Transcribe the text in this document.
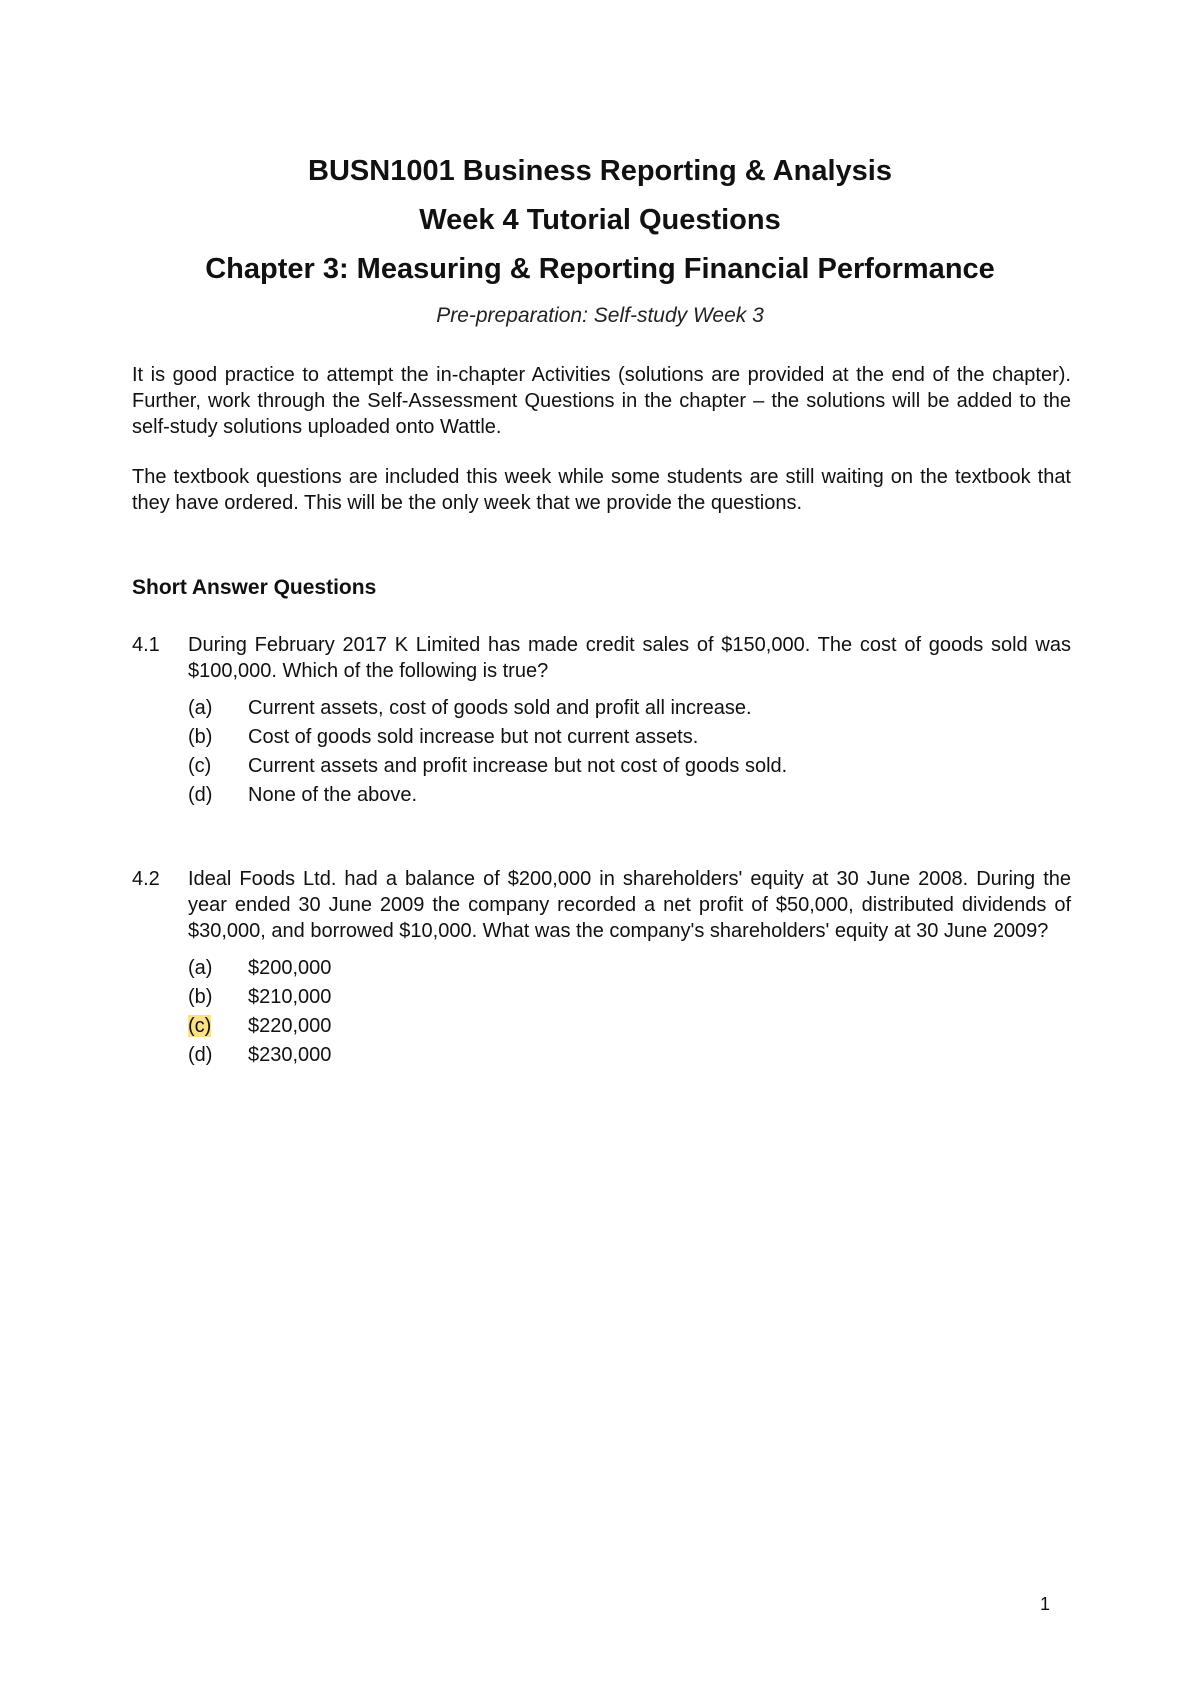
BUSN1001 Business Reporting & Analysis
Week 4 Tutorial Questions
Chapter 3: Measuring & Reporting Financial Performance
Pre-preparation: Self-study Week 3
It is good practice to attempt the in-chapter Activities (solutions are provided at the end of the chapter). Further, work through the Self-Assessment Questions in the chapter – the solutions will be added to the self-study solutions uploaded onto Wattle.
The textbook questions are included this week while some students are still waiting on the textbook that they have ordered. This will be the only week that we provide the questions.
Short Answer Questions
4.1	During February 2017 K Limited has made credit sales of $150,000. The cost of goods sold was $100,000. Which of the following is true?
(a)	Current assets, cost of goods sold and profit all increase.
(b)	Cost of goods sold increase but not current assets.
(c)	Current assets and profit increase but not cost of goods sold.
(d)	None of the above.
4.2	Ideal Foods Ltd. had a balance of $200,000 in shareholders' equity at 30 June 2008. During the year ended 30 June 2009 the company recorded a net profit of $50,000, distributed dividends of $30,000, and borrowed $10,000. What was the company's shareholders' equity at 30 June 2009?
(a)	$200,000
(b)	$210,000
(c)	$220,000
(d)	$230,000
1
